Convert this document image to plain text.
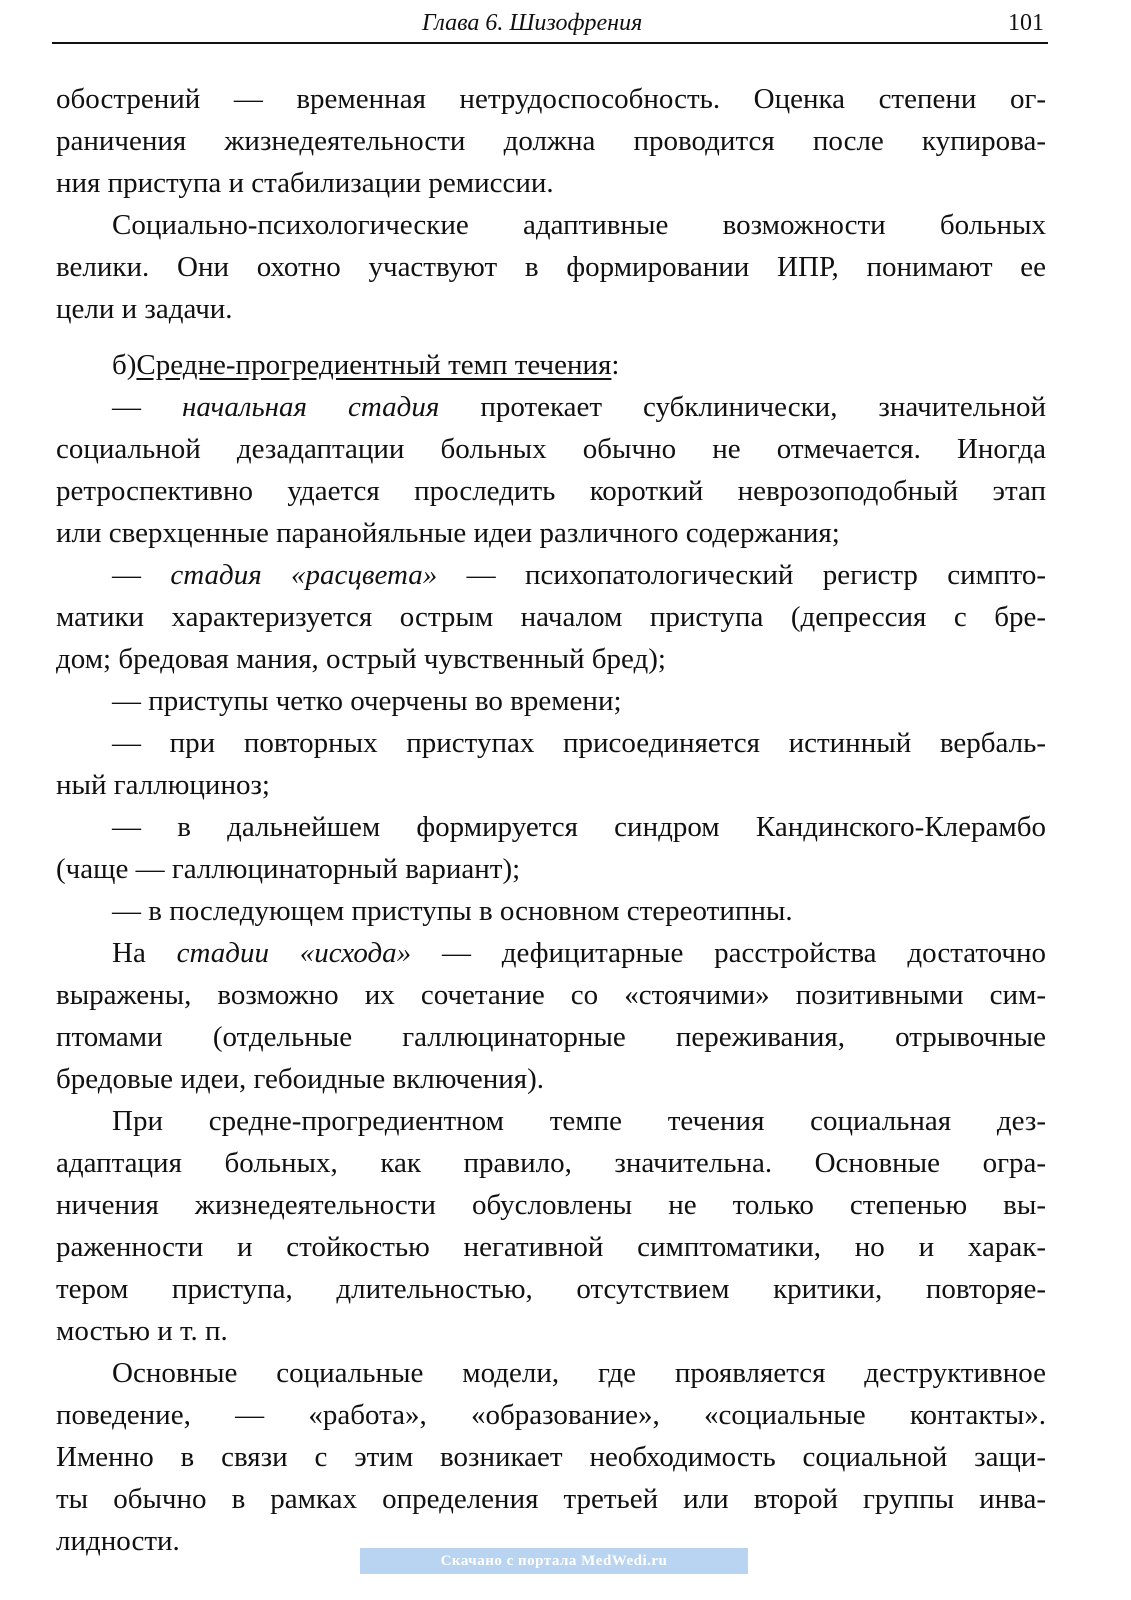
Глава 6. Шизофрения	101
обострений — временная нетрудоспособность. Оценка степени ог-
раничения жизнедеятельности должна проводится после купирова-
ния приступа и стабилизации ремиссии.
Социально-психологические адаптивные возможности больных
велики. Они охотно участвуют в формировании ИПР, понимают ее
цели и задачи.
б)Средне-прогредиентный темп течения:
— начальная стадия протекает субклинически, значительной
социальной дезадаптации больных обычно не отмечается. Иногда
ретроспективно удается проследить короткий неврозоподобный этап
или сверхценные паранойяльные идеи различного содержания;
— стадия «расцвета» — психопатологический регистр симпто-
матики характеризуется острым началом приступа (депрессия с бре-
дом; бредовая мания, острый чувственный бред);
— приступы четко очерчены во времени;
— при повторных приступах присоединяется истинный вербаль-
ный галлюциноз;
— в дальнейшем формируется синдром Кандинского-Клерамбо
(чаще — галлюцинаторный вариант);
— в последующем приступы в основном стереотипны.
На стадии «исхода» — дефицитарные расстройства достаточно
выражены, возможно их сочетание со «стоячими» позитивными сим-
птомами (отдельные галлюцинаторные переживания, отрывочные
бредовые идеи, гебоидные включения).
При средне-прогредиентном темпе течения социальная дез-
адаптация больных, как правило, значительна. Основные огра-
ничения жизнедеятельности обусловлены не только степенью вы-
раженности и стойкостью негативной симптоматики, но и харак-
тером приступа, длительностью, отсутствием критики, повторяе-
мостью и т. п.
Основные социальные модели, где проявляется деструктивное
поведение, — «работа», «образование», «социальные контакты».
Именно в связи с этим возникает необходимость социальной защи-
ты обычно в рамках определения третьей или второй группы инва-
лидности.
Скачано с портала MedWedi.ru
